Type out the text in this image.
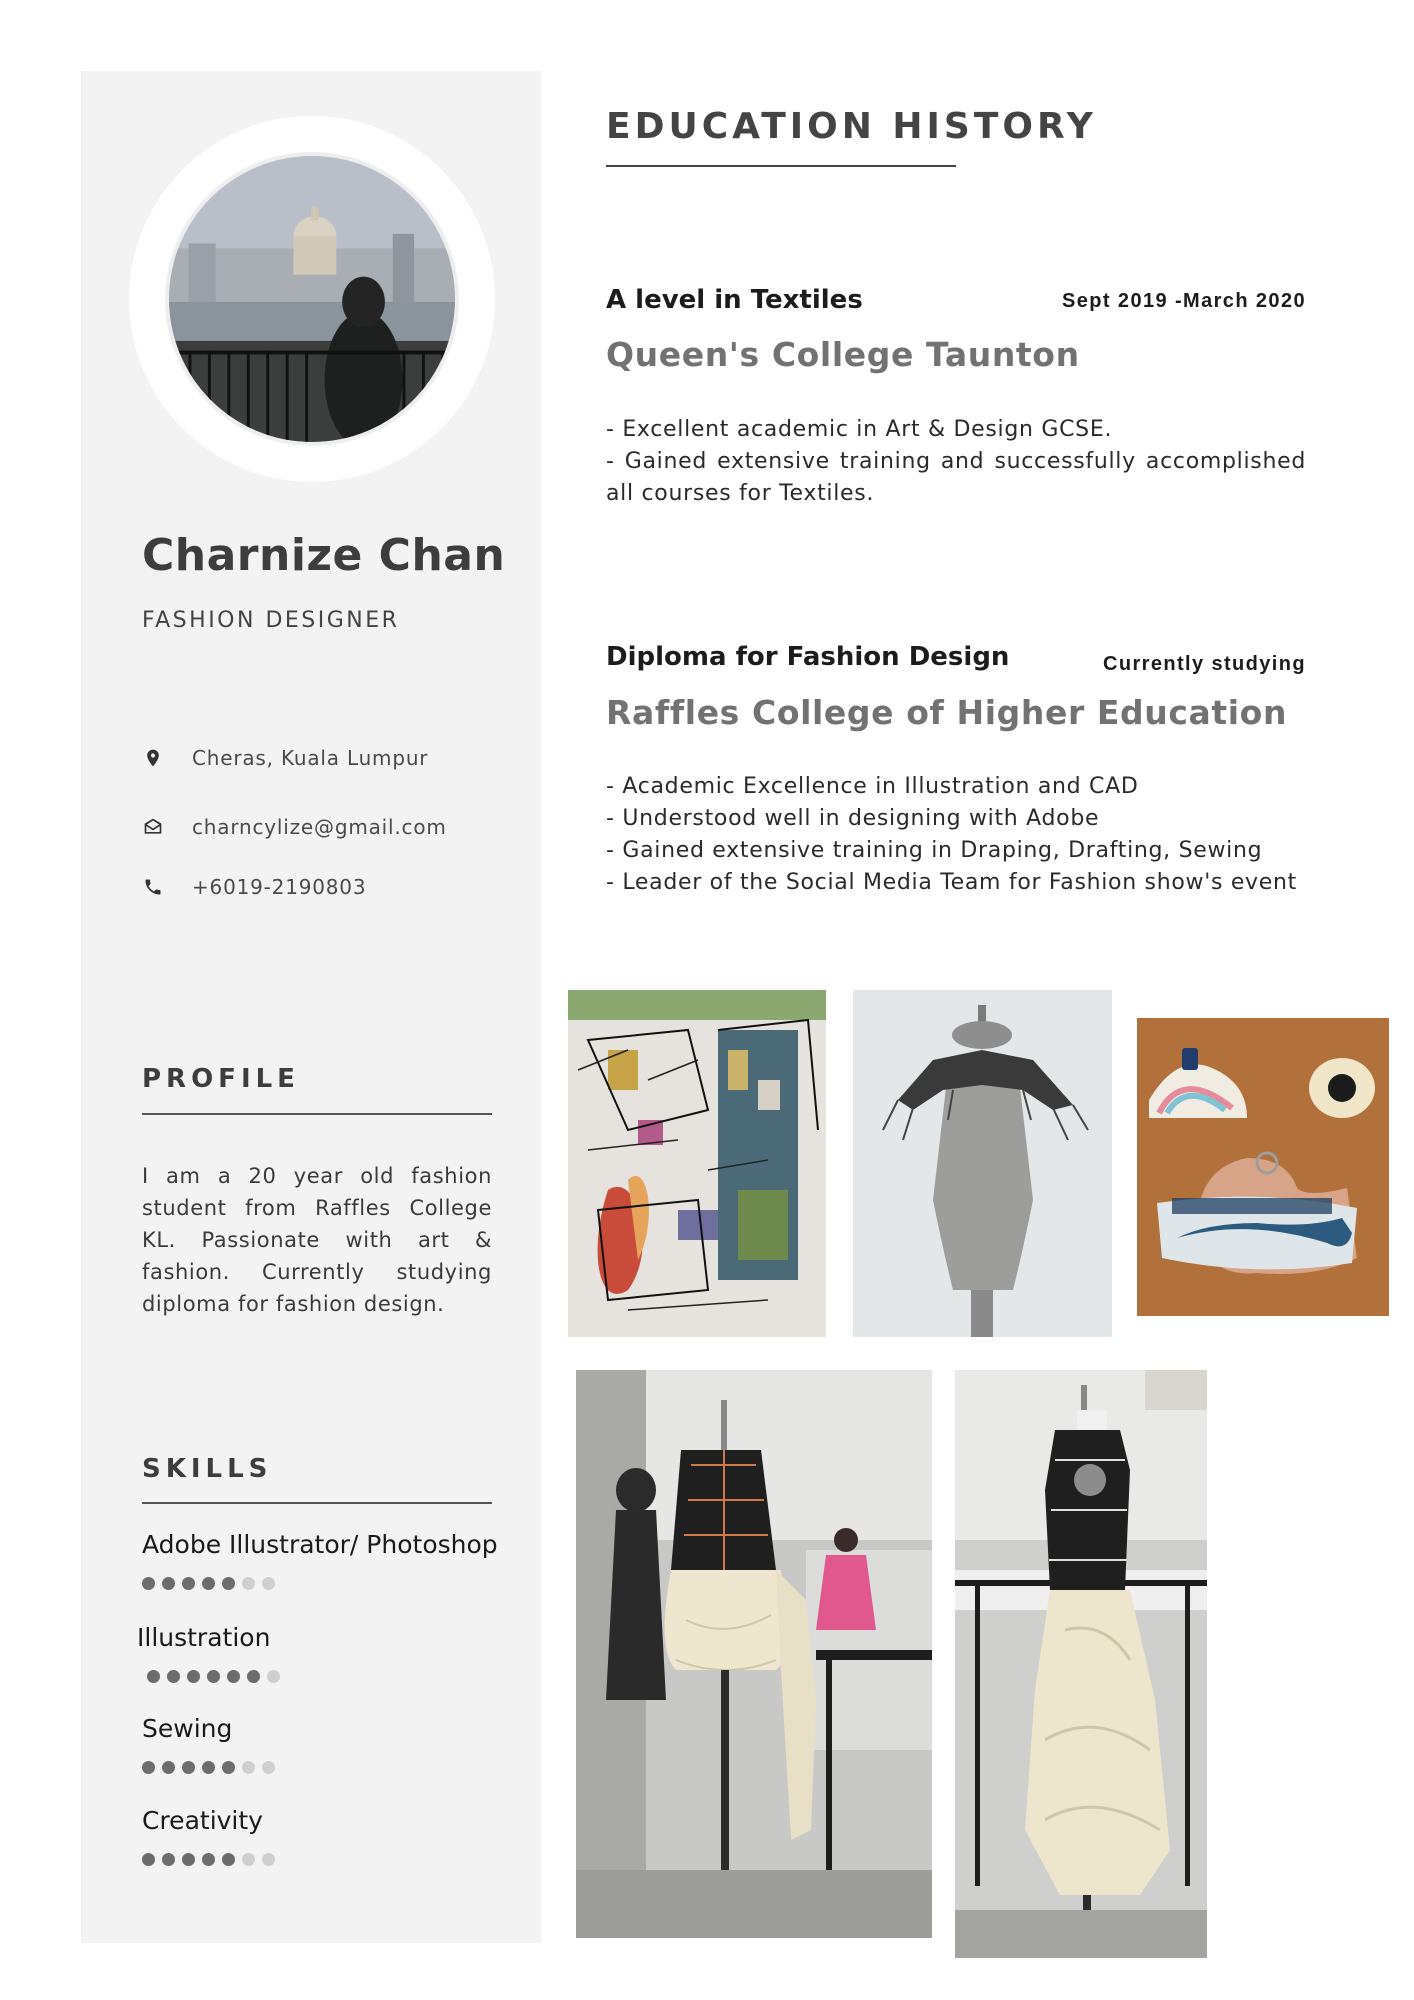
Charnize Chan
FASHION DESIGNER
Cheras, Kuala Lumpur
charncylize@gmail.com
+6019-2190803
PROFILE
I am a 20 year old fashion student from Raffles College KL. Passionate with art & fashion. Currently studying diploma for fashion design.
SKILLS
Adobe Illustrator/ Photoshop
Illustration
Sewing
Creativity
EDUCATION HISTORY
A level in Textiles	Sept 2019 -March 2020
Queen's College Taunton
- Excellent academic in Art & Design GCSE.
- Gained extensive training and successfully accomplished all courses for Textiles.
Diploma for Fashion Design	Currently studying
Raffles College of Higher Education
- Academic Excellence in Illustration and CAD
- Understood well in designing with Adobe
- Gained extensive training in Draping, Drafting, Sewing
- Leader of the Social Media Team for Fashion show's event
